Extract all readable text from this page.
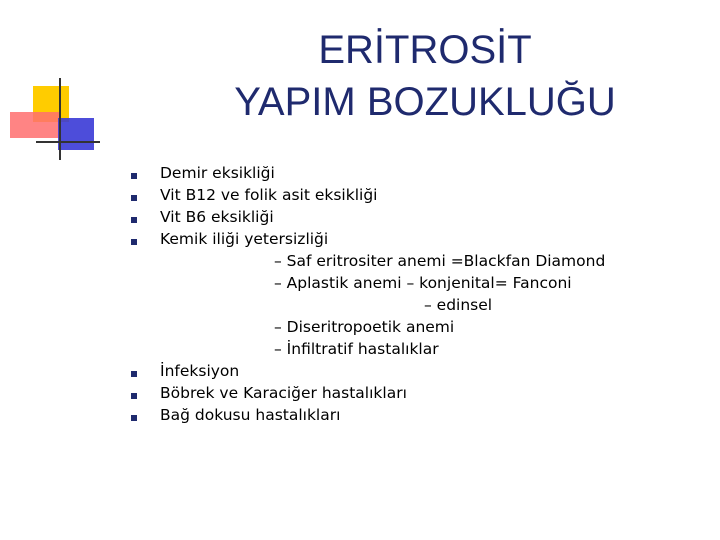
ERİTROSİT
YAPIM BOZUKLUĞU
Demir eksikliği
Vit B12 ve folik asit eksikliği
Vit B6 eksikliği
Kemik iliği yetersizliği
– Saf eritrositer anemi =Blackfan Diamond
– Aplastik anemi – konjenital= Fanconi
– edinsel
– Diseritropoetik anemi
– İnfiltratif hastalıklar
İnfeksiyon
Böbrek ve Karaciğer hastalıkları
Bağ dokusu hastalıkları
